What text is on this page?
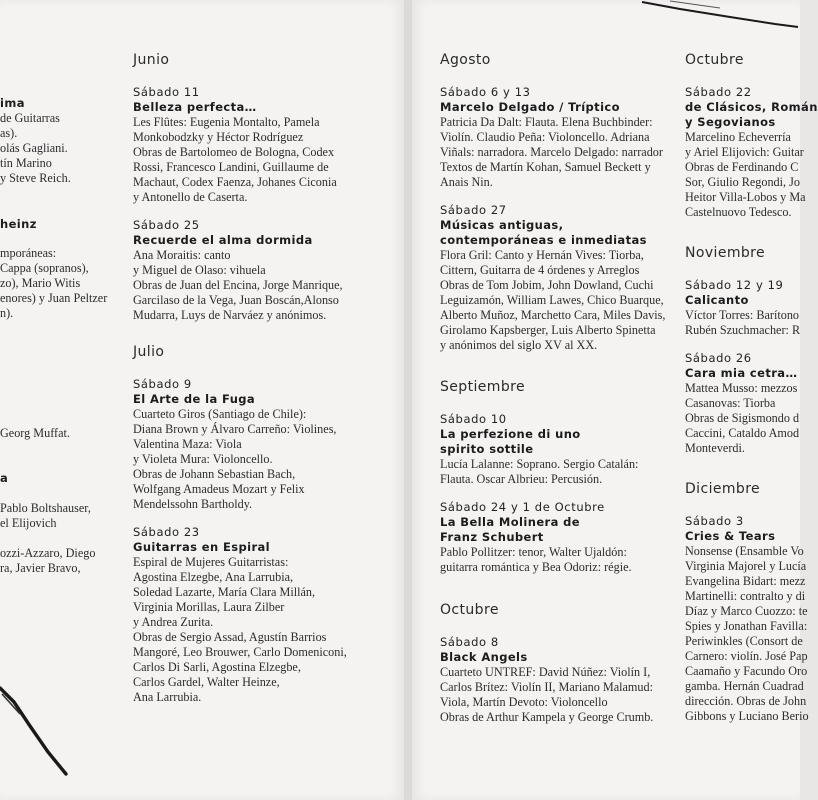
ima
de Guitarras
as).
olás Gagliani.
tín Marino
y Steve Reich.
heinz
mporáneas:
Cappa (sopranos),
zo), Mario Witis
enores) y Juan Peltzer
n).
Georg Muffat.
a
Pablo Boltshauser,
el Elijovich
ozzi-Azzaro, Diego
ra, Javier Bravo,
Junio
Sábado 11
Belleza perfecta…
Les Flûtes: Eugenia Montalto, Pamela
Monkobodzky y Héctor Rodríguez
Obras de Bartolomeo de Bologna, Codex
Rossi, Francesco Landini, Guillaume de
Machaut, Codex Faenza, Johanes Ciconia
y Antonello de Caserta.
Sábado 25
Recuerde el alma dormida
Ana Moraitis: canto
y Miguel de Olaso: vihuela
Obras de Juan del Encina, Jorge Manrique,
Garcilaso de la Vega, Juan Boscán,Alonso
Mudarra, Luys de Narváez y anónimos.
Julio
Sábado 9
El Arte de la Fuga
Cuarteto Giros (Santiago de Chile):
Diana Brown y Álvaro Carreño: Violines,
Valentina Maza: Viola
y Violeta Mura: Violoncello.
Obras de Johann Sebastian Bach,
Wolfgang Amadeus Mozart y Felix
Mendelssohn Bartholdy.
Sábado 23
Guitarras en Espiral
Espiral de Mujeres Guitarristas:
Agostina Elzegbe, Ana Larrubia,
Soledad Lazarte, María Clara Millán,
Virginia Morillas, Laura Zilber
y Andrea Zurita.
Obras de Sergio Assad, Agustín Barrios
Mangoré, Leo Brouwer, Carlo Domeniconi,
Carlos Di Sarli, Agostina Elzegbe,
Carlos Gardel, Walter Heinze,
Ana Larrubia.
Agosto
Sábado 6 y 13
Marcelo Delgado / Tríptico
Patricia Da Dalt: Flauta. Elena Buchbinder:
Violín. Claudio Peña: Violoncello. Adriana
Viñals: narradora. Marcelo Delgado: narrador
Textos de Martín Kohan, Samuel Beckett y
Anais Nin.
Sábado 27
Músicas antiguas,
contemporáneas e inmediatas
Flora Gril: Canto y Hernán Vives: Tiorba,
Cittern, Guitarra de 4 órdenes y Arreglos
Obras de Tom Jobim, John Dowland, Cuchi
Leguizamón, William Lawes, Chico Buarque,
Alberto Muñoz, Marchetto Cara, Miles Davis,
Girolamo Kapsberger, Luis Alberto Spinetta
y anónimos del siglo XV al XX.
Septiembre
Sábado 10
La perfezione di uno
spirito sottile
Lucía Lalanne: Soprano. Sergio Catalán:
Flauta. Oscar Albrieu: Percusión.
Sábado 24 y 1 de Octubre
La Bella Molinera de
Franz Schubert
Pablo Pollitzer: tenor, Walter Ujaldón:
guitarra romántica y Bea Odoriz: régie.
Octubre
Sábado 8
Black Angels
Cuarteto UNTREF: David Núñez: Violín I,
Carlos Brítez: Violín II, Mariano Malamud:
Viola, Martín Devoto: Violoncello
Obras de Arthur Kampela y George Crumb.
Octubre
Sábado 22
de Clásicos, Román
y Segovianos
Marcelino Echeverría
y Ariel Elijovich: Guitar
Obras de Ferdinando C
Sor, Giulio Regondi, Jo
Heitor Villa-Lobos y Ma
Castelnuovo Tedesco.
Noviembre
Sábado 12 y 19
Calicanto
Víctor Torres: Barítono
Rubén Szuchmacher: R
Sábado 26
Cara mia cetra…
Mattea Musso: mezzos
Casanovas: Tiorba
Obras de Sigismondo d
Caccini, Cataldo Amod
Monteverdi.
Diciembre
Sábado 3
Cries & Tears
Nonsense (Ensamble Vo
Virginia Majorel y Lucía
Evangelina Bidart: mezz
Martinelli: contralto y di
Díaz y Marco Cuozzo: te
Spies y Jonathan Favilla:
Periwinkles (Consort de
Carnero: violín. José Pap
Caamaño y Facundo Oro
gamba. Hernán Cuadrad
dirección. Obras de John
Gibbons y Luciano Berio
